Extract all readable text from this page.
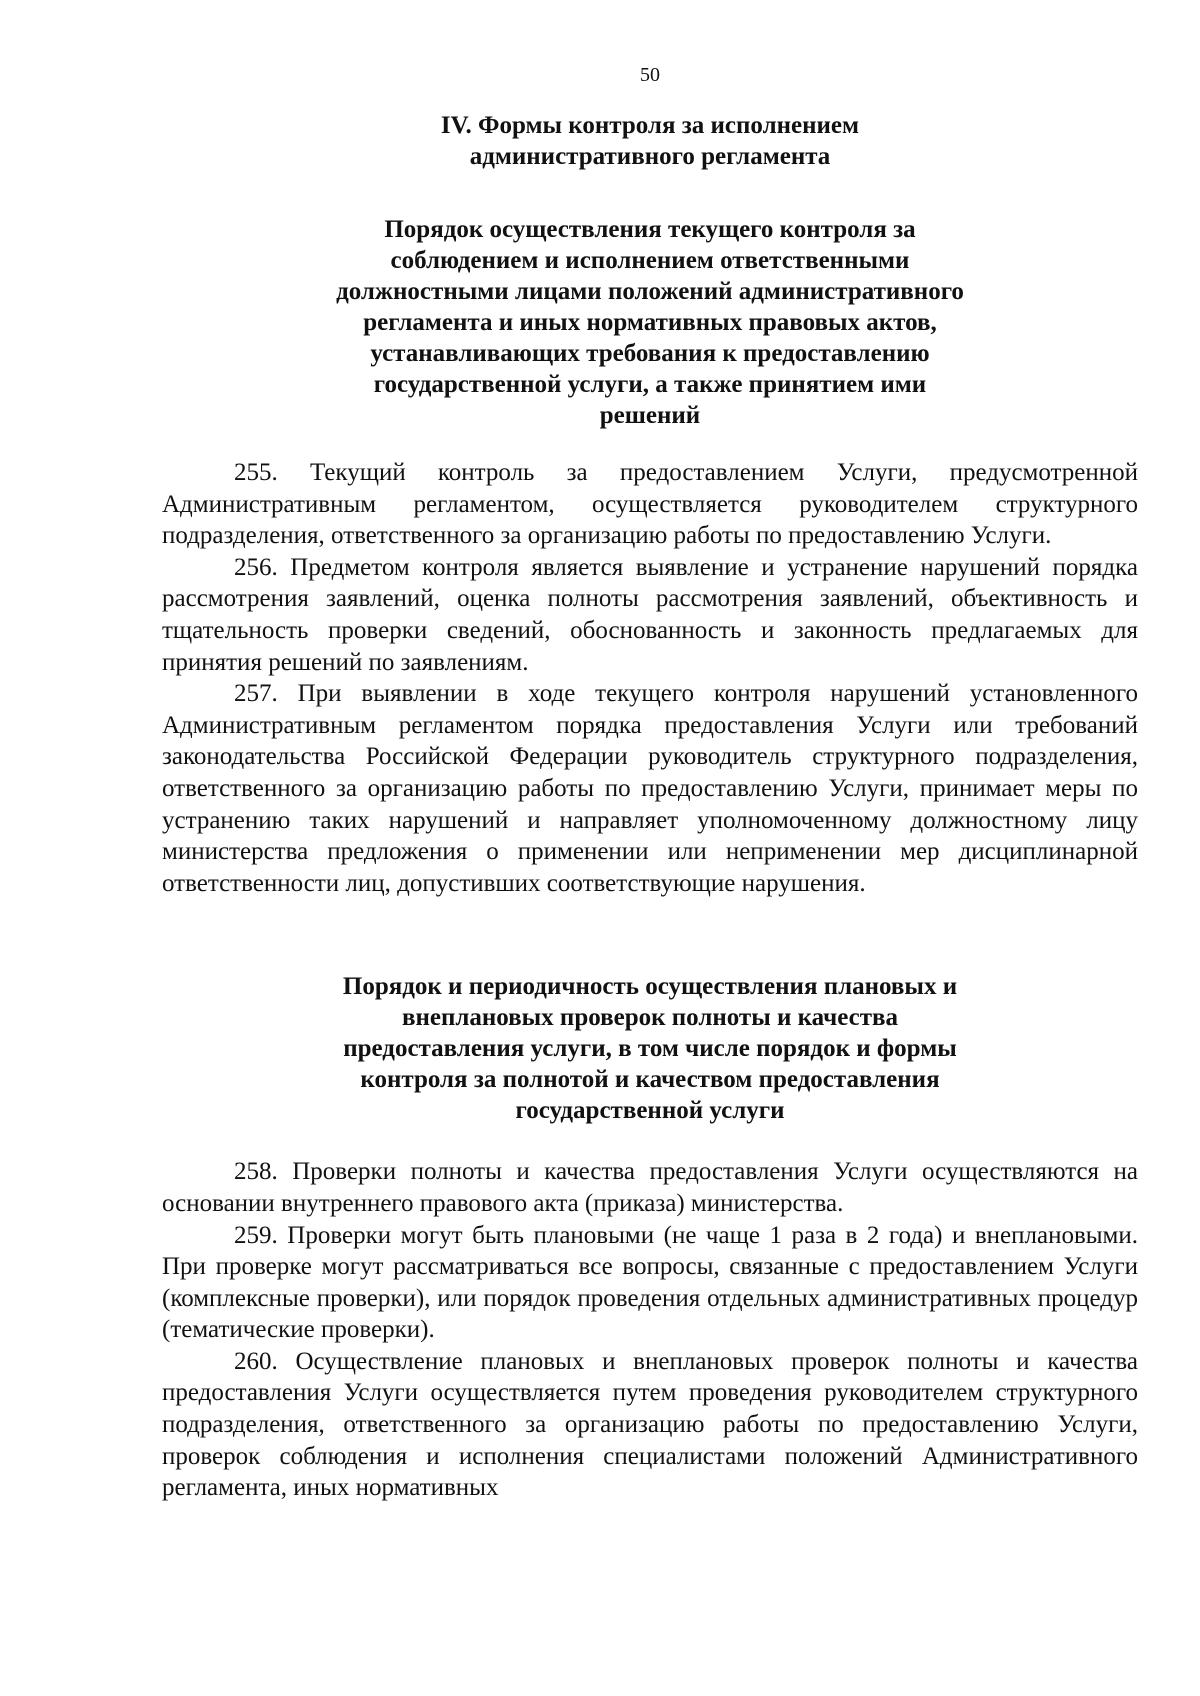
50
IV. Формы контроля за исполнением
административного регламента
Порядок осуществления текущего контроля за
соблюдением и исполнением ответственными
должностными лицами положений административного
регламента и иных нормативных правовых актов,
устанавливающих требования к предоставлению
государственной услуги, а также принятием ими
решений

255. Текущий контроль за предоставлением Услуги, предусмотренной Административным регламентом, осуществляется руководителем структурного подразделения, ответственного за организацию работы по предоставлению Услуги.

256. Предметом контроля является выявление и устранение нарушений порядка рассмотрения заявлений, оценка полноты рассмотрения заявлений, объективность и тщательность проверки сведений, обоснованность и законность предлагаемых для принятия решений по заявлениям.

257. При выявлении в ходе текущего контроля нарушений установленного Административным регламентом порядка предоставления Услуги или требований законодательства Российской Федерации руководитель структурного подразделения, ответственного за организацию работы по предоставлению Услуги, принимает меры по устранению таких нарушений и направляет уполномоченному должностному лицу министерства предложения о применении или неприменении мер дисциплинарной ответственности лиц, допустивших соответствующие нарушения.

Порядок и периодичность осуществления плановых и
внеплановых проверок полноты и качества
предоставления услуги, в том числе порядок и формы
контроля за полнотой и качеством предоставления
государственной услуги

258. Проверки полноты и качества предоставления Услуги осуществляются на основании внутреннего правового акта (приказа) министерства.

259. Проверки могут быть плановыми (не чаще 1 раза в 2 года) и внеплановыми. При проверке могут рассматриваться все вопросы, связанные с предоставлением Услуги (комплексные проверки), или порядок проведения отдельных административных процедур (тематические проверки).

260. Осуществление плановых и внеплановых проверок полноты и качества предоставления Услуги осуществляется путем проведения руководителем структурного подразделения, ответственного за организацию работы по предоставлению Услуги, проверок соблюдения и исполнения специалистами положений Административного регламента, иных нормативных
